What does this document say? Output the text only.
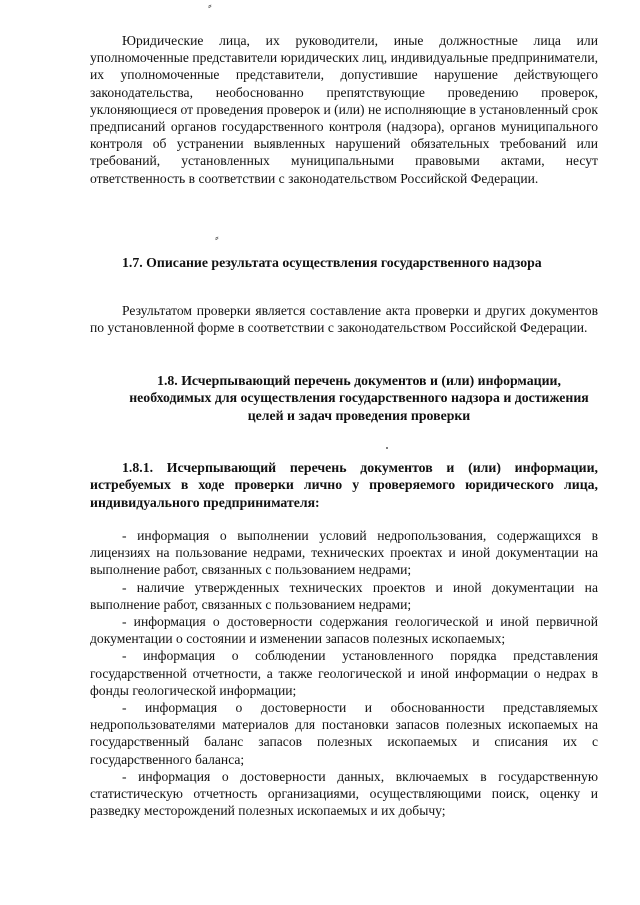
⸗

Юридические лица, их руководители, иные должностные лица или уполномоченные представители юридических лиц, индивидуальные предприниматели, их уполномоченные представители, допустившие нарушение действующего законодательства, необоснованно препятствующие проведению проверок, уклоняющиеся от проведения проверок и (или) не исполняющие в установленный срок предписаний органов государственного контроля (надзора), органов муниципального контроля об устранении выявленных нарушений обязательных требований или требований, установленных муниципальными правовыми актами, несут ответственность в соответствии с законодательством Российской Федерации.

⸗

1.7. Описание результата осуществления государственного надзора

Результатом проверки является составление акта проверки и других документов по установленной форме в соответствии с законодательством Российской Федерации.

1.8. Исчерпывающий перечень документов и (или) информации, необходимых для осуществления государственного надзора и достижения целей и задач проведения проверки

1.8.1. Исчерпывающий перечень документов и (или) информации, истребуемых в ходе проверки лично у проверяемого юридического лица, индивидуального предпринимателя:

- информация о выполнении условий недропользования, содержащихся в лицензиях на пользование недрами, технических проектах и иной документации на выполнение работ, связанных с пользованием недрами;

- наличие утвержденных технических проектов и иной документации на выполнение работ, связанных с пользованием недрами;

- информация о достоверности содержания геологической и иной первичной документации о состоянии и изменении запасов полезных ископаемых;

- информация о соблюдении установленного порядка представления государственной отчетности, а также геологической и иной информации о недрах в фонды геологической информации;

- информация о достоверности и обоснованности представляемых недропользователями материалов для постановки запасов полезных ископаемых на государственный баланс запасов полезных ископаемых и списания их с государственного баланса;

- информация о достоверности данных, включаемых в государственную статистическую отчетность организациями, осуществляющими поиск, оценку и разведку месторождений полезных ископаемых и их добычу;
